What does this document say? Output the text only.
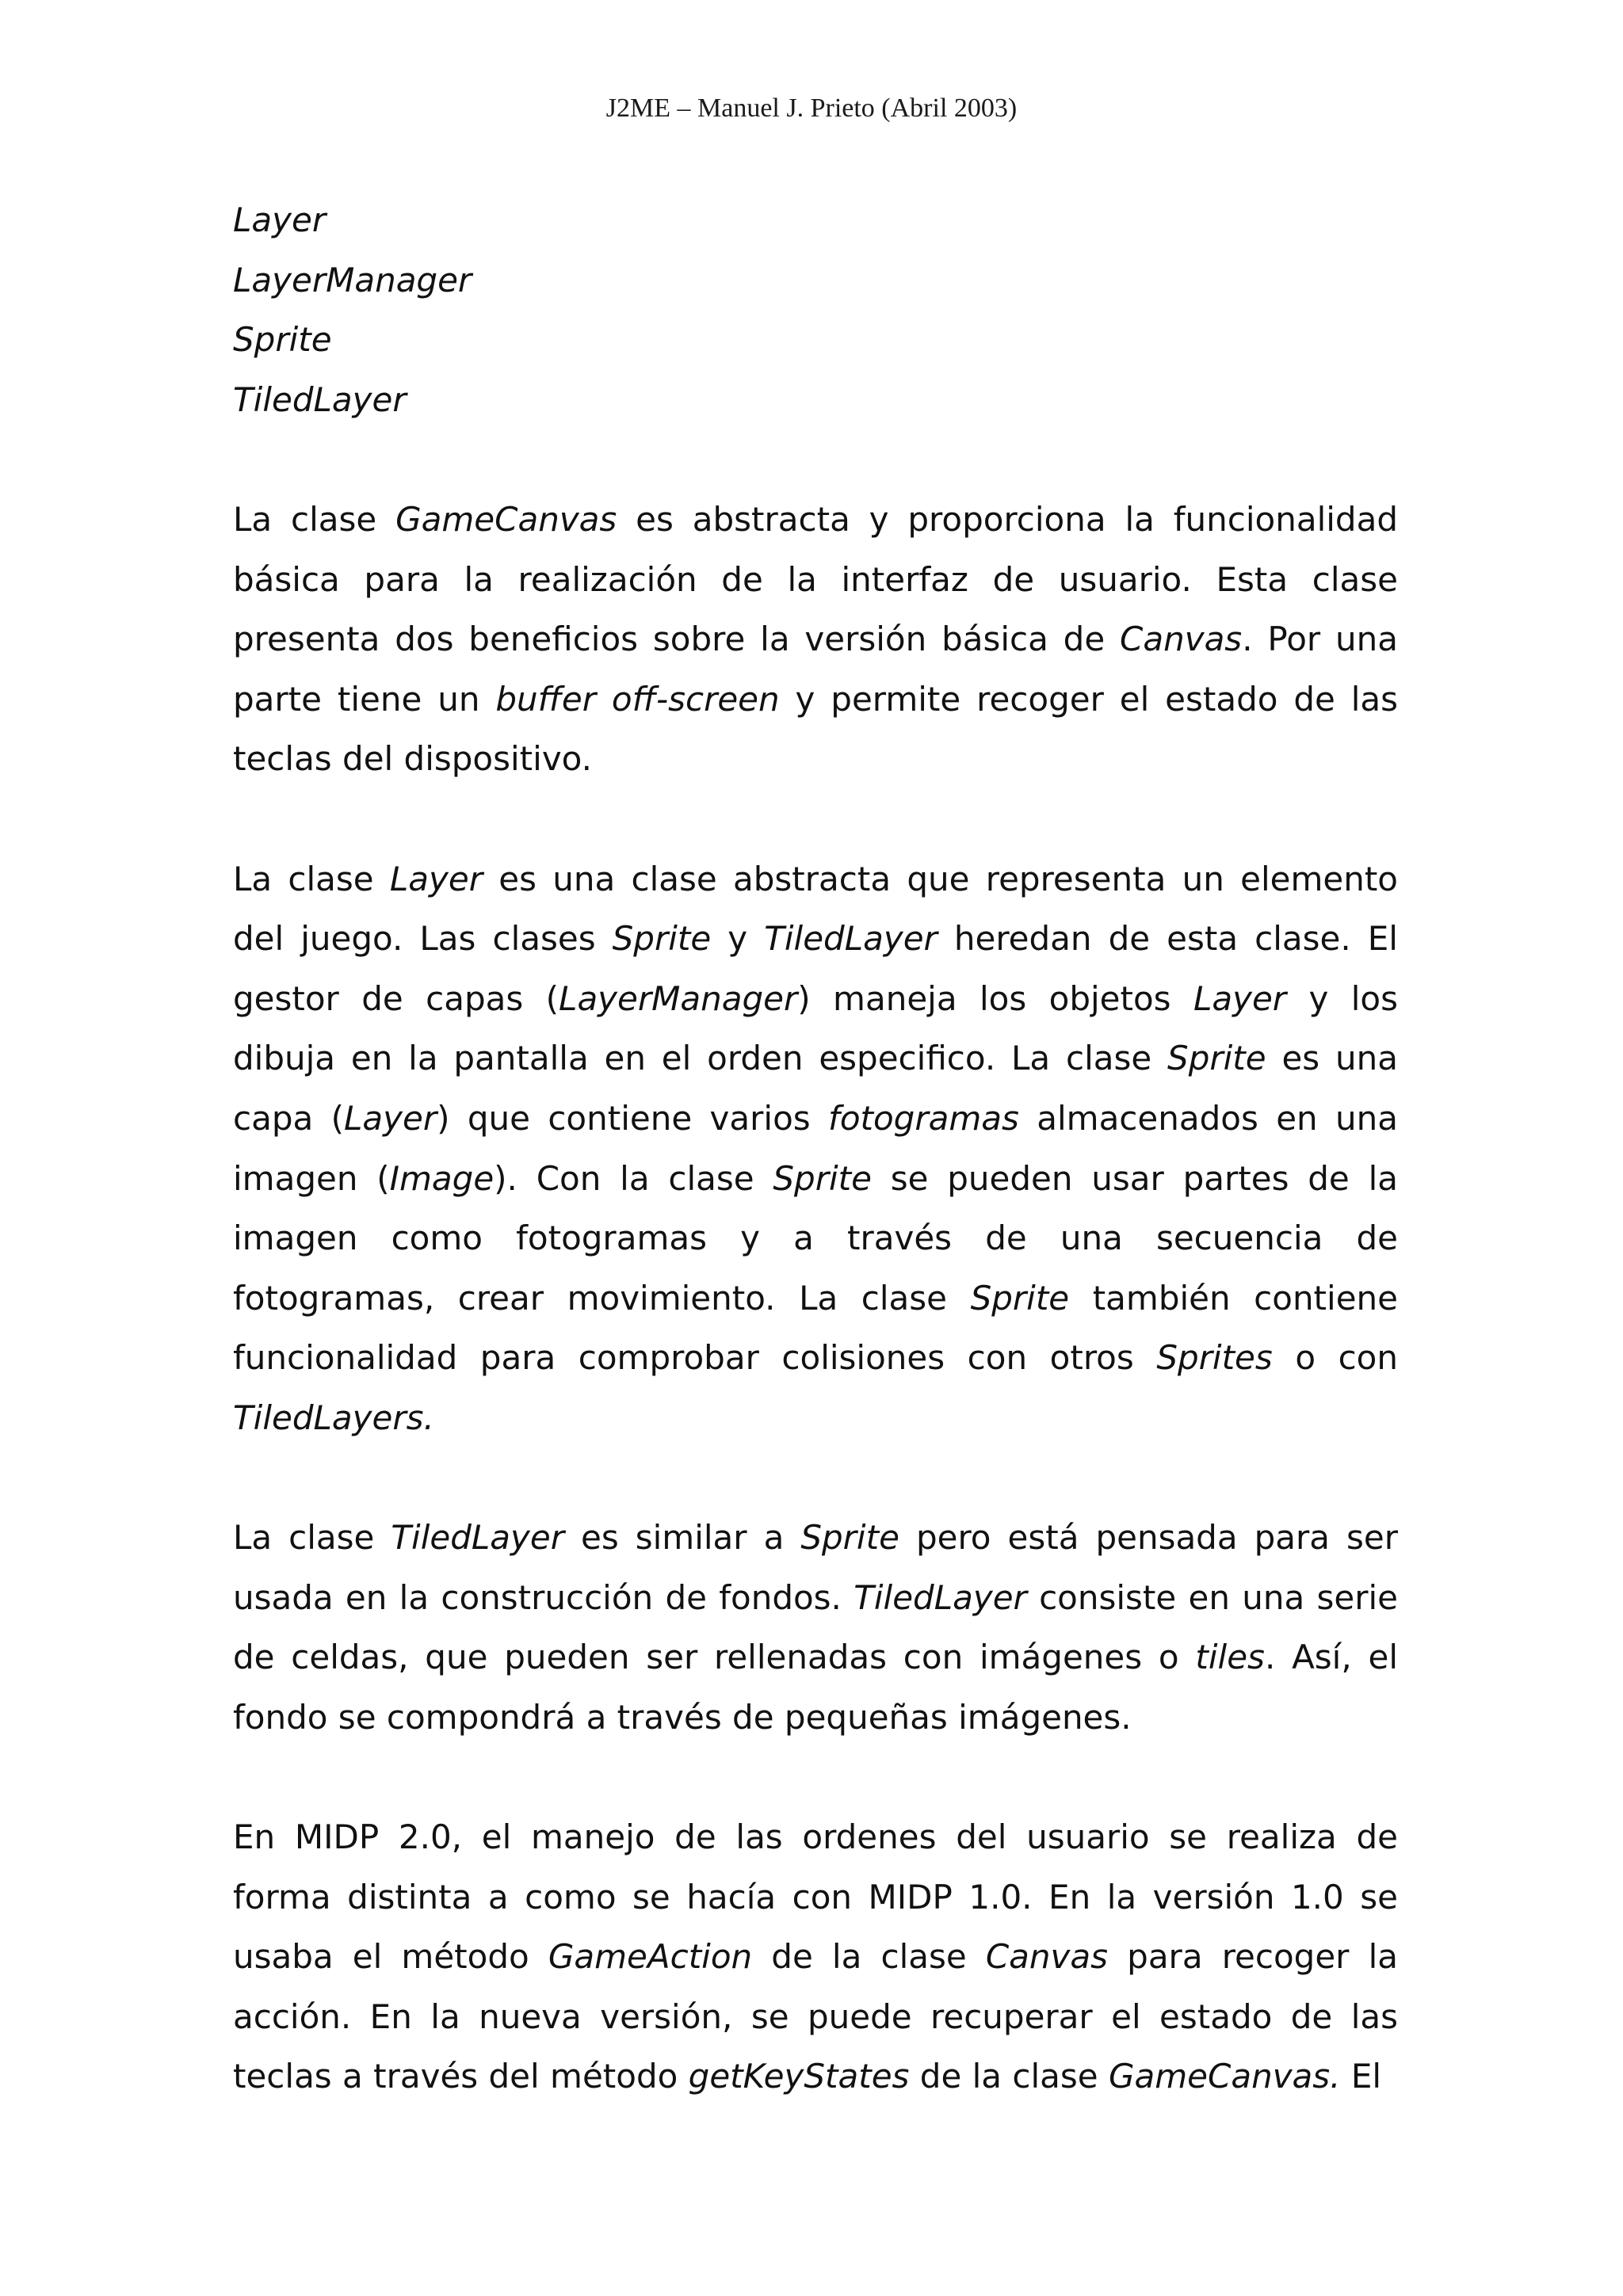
J2ME – Manuel J. Prieto (Abril 2003)
Layer
LayerManager
Sprite
TiledLayer

La clase GameCanvas es abstracta y proporciona la funcionalidad básica para la realización de la interfaz de usuario. Esta clase presenta dos beneficios sobre la versión básica de Canvas. Por una parte tiene un buffer off-screen y permite recoger el estado de las teclas del dispositivo.

La clase Layer es una clase abstracta que representa un elemento del juego. Las clases Sprite y TiledLayer heredan de esta clase. El gestor de capas (LayerManager) maneja los objetos Layer y los dibuja en la pantalla en el orden especifico. La clase Sprite es una capa (Layer) que contiene varios fotogramas almacenados en una imagen (Image). Con la clase Sprite se pueden usar partes de la imagen como fotogramas y a través de una secuencia de fotogramas, crear movimiento. La clase Sprite también contiene funcionalidad para comprobar colisiones con otros Sprites o con TiledLayers.

La clase TiledLayer es similar a Sprite pero está pensada para ser usada en la construcción de fondos. TiledLayer consiste en una serie de celdas, que pueden ser rellenadas con imágenes o tiles. Así, el fondo se compondrá a través de pequeñas imágenes.

En MIDP 2.0, el manejo de las ordenes del usuario se realiza de forma distinta a como se hacía con MIDP 1.0. En la versión 1.0 se usaba el método GameAction de la clase Canvas para recoger la acción. En la nueva versión, se puede recuperar el estado de las teclas a través del método getKeyStates de la clase GameCanvas. El
